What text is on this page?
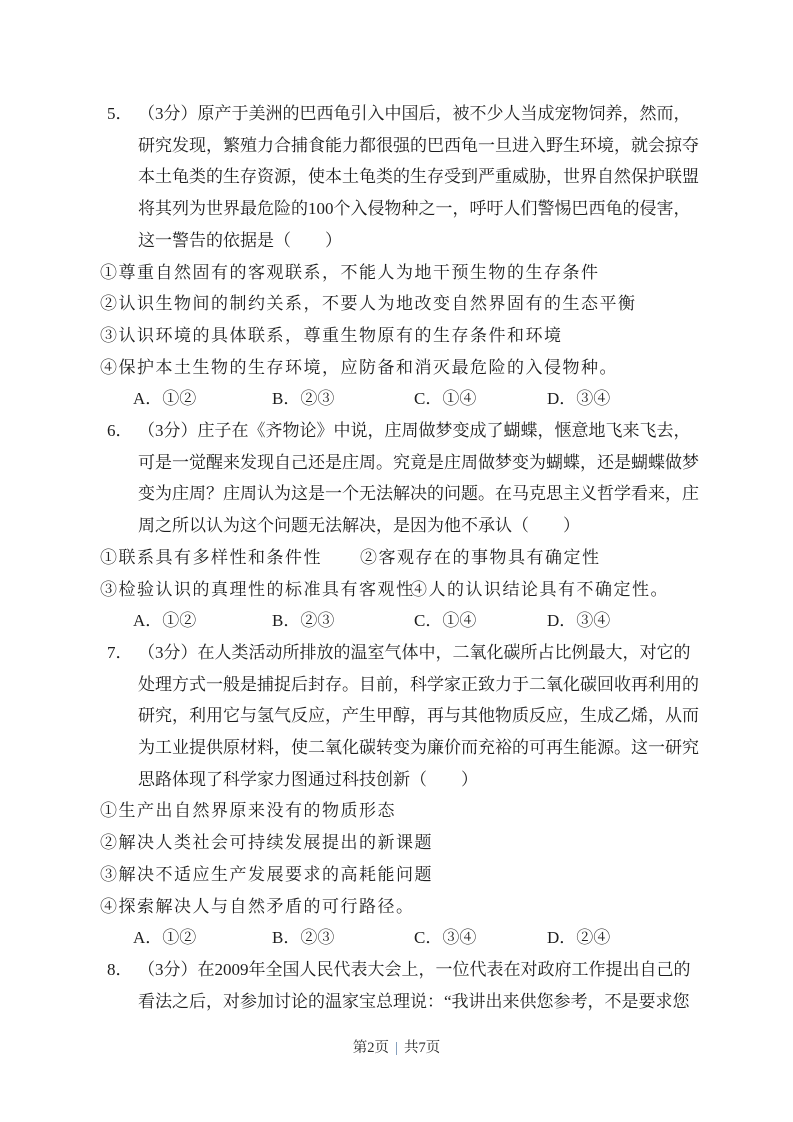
5． （3分）原产于美洲的巴西龟引入中国后，被不少人当成宠物饲养，然而，
研究发现，繁殖力合捕食能力都很强的巴西龟一旦进入野生环境，就会掠夺
本土龟类的生存资源，使本土龟类的生存受到严重威胁，世界自然保护联盟
将其列为世界最危险的100个入侵物种之一，呼吁人们警惕巴西龟的侵害，
这一警告的依据是（　　）
①尊重自然固有的客观联系，不能人为地干预生物的生存条件
②认识生物间的制约关系，不要人为地改变自然界固有的生态平衡
③认识环境的具体联系，尊重生物原有的生存条件和环境
④保护本土生物的生存环境，应防备和消灭最危险的入侵物种。
A．①②	B．②③	C．①④	D．③④
6． （3分）庄子在《齐物论》中说，庄周做梦变成了蝴蝶，惬意地飞来飞去，
可是一觉醒来发现自己还是庄周。究竟是庄周做梦变为蝴蝶，还是蝴蝶做梦
变为庄周？庄周认为这是一个无法解决的问题。在马克思主义哲学看来，庄
周之所以认为这个问题无法解决，是因为他不承认（　　）
①联系具有多样性和条件性 ②客观存在的事物具有确定性
③检验认识的真理性的标准具有客观性④人的认识结论具有不确定性。
A．①②	B．②③	C．①④	D．③④
7． （3分）在人类活动所排放的温室气体中，二氧化碳所占比例最大，对它的
处理方式一般是捕捉后封存。目前，科学家正致力于二氧化碳回收再利用的
研究，利用它与氢气反应，产生甲醇，再与其他物质反应，生成乙烯，从而
为工业提供原材料，使二氧化碳转变为廉价而充裕的可再生能源。这一研究
思路体现了科学家力图通过科技创新（　　）
①生产出自然界原来没有的物质形态
②解决人类社会可持续发展提出的新课题
③解决不适应生产发展要求的高耗能问题
④探索解决人与自然矛盾的可行路径。
A．①②	B．②③	C．③④	D．②④
8． （3分）在2009年全国人民代表大会上，一位代表在对政府工作提出自己的
看法之后，对参加讨论的温家宝总理说：“我讲出来供您参考，不是要求您
第2页 | 共7页
